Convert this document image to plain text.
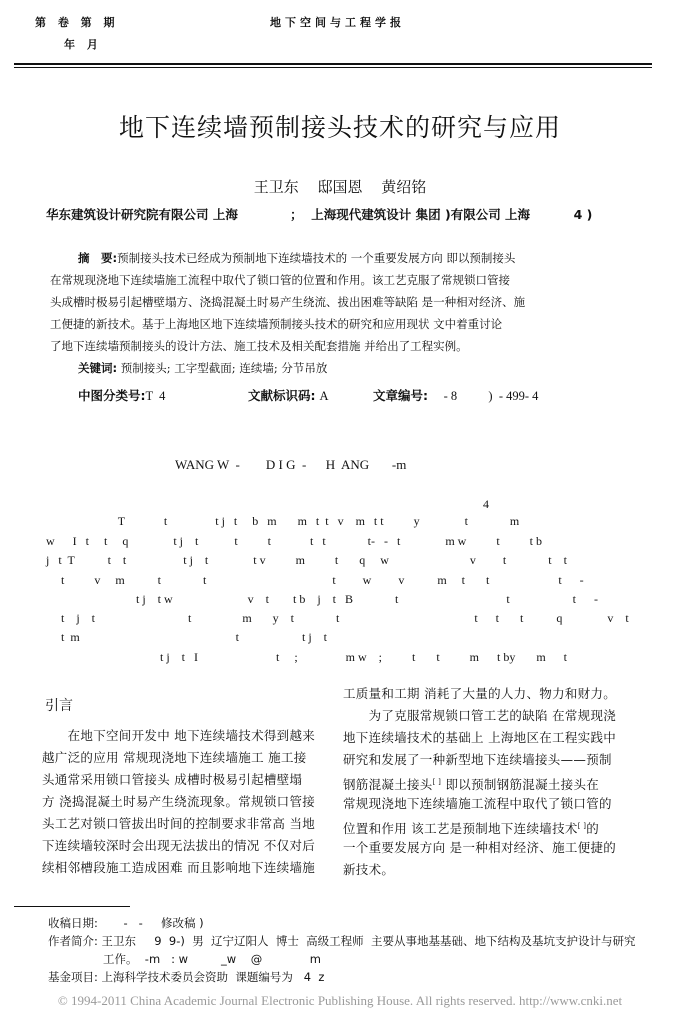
第 卷 第 期
年 月
地下空间与工程学报
地下连续墙预制接头技术的研究与应用
王卫东 邸国恩 黄绍铭
华东建筑设计研究院有限公司 上海            ；  上海现代建筑设计 集团 )有限公司 上海          4 )
摘　要:预制接头技术已经成为预制地下连续墙技术的 一个重要发展方向 即以预制接头
在常规现浇地下连续墙施工流程中取代了锁口管的位置和作用。该工艺克服了常规锁口管接
头成槽时极易引起槽壁塌方、浇捣混凝土时易产生绕流、拔出困难等缺陷 是一种相对经济、施
工便捷的新技术。基于上海地区地下连续墙预制接头技术的研究和应用现状 文中着重讨论
了地下连续墙预制接头的设计方法、施工技术及相关配套措施 并给出了工程实例。
关键词: 预制接头; 工字型截面; 连续墙; 分节吊放
中图分类号:T  4	文献标识码: A	文章编号:     - 8          )  - 499- 4
WANG W  -        D I G  -      H  ANG       -m
4
T             t                t j   t     b   m       m   t  t   v    m   t t          y               t              m
w      I   t     t     q               t j    t            t          t             t   t              t-   -   t               m w          t          t b
j   t  T           t    t                   t j    t               t v          m          t       q     w                           v         t              t    t
t          v     m           t              t                                          t         w         v           m     t       t                       t      -
t j    t w                         v    t        t b    j    t   B              t                                    t                     t      -
t    j    t                               t                 m       y    t              t                                             t      t       t           q               v    t
t  m                                                    t                     t j    t
t j    t   I                          t     ;                m w    ;          t       t          m      t by       m      t
引言
　　在地下空间开发中 地下连续墙技术得到越来
越广泛的应用 常规现浇地下连续墙施工 施工接
头通常采用锁口管接头 成槽时极易引起槽壁塌
方 浇捣混凝土时易产生绕流现象。常规锁口管接
头工艺对锁口管拔出时间的控制要求非常高 当地
下连续墙较深时会出现无法拔出的情况 不仅对后
续相邻槽段施工造成困难 而且影响地下连续墙施
工质量和工期 消耗了大量的人力、物力和财力。
　　为了克服常规锁口管工艺的缺陷 在常规现浇
地下连续墙技术的基础上 上海地区在工程实践中
研究和发展了一种新型地下连续墙接头——预制
钢筋混凝土接头[ ] 即以预制钢筋混凝土接头在
常规现浇地下连续墙施工流程中取代了锁口管的
位置和作用 该工艺是预制地下连续墙技术[ ]的
一个重要发展方向 是一种相对经济、施工便捷的
新技术。
收稿日期:       -   -     修改稿 )
作者简介: 王卫东     9  9-)  男  辽宁辽阳人  博士  高级工程师  主要从事地基基础、地下结构及基坑支护设计与研究
工作。  -m   : w         _w    @             m
基金项目: 上海科学技术委员会资助  课题编号为   4  z
© 1994-2011 China Academic Journal Electronic Publishing House. All rights reserved. http://www.cnki.net
